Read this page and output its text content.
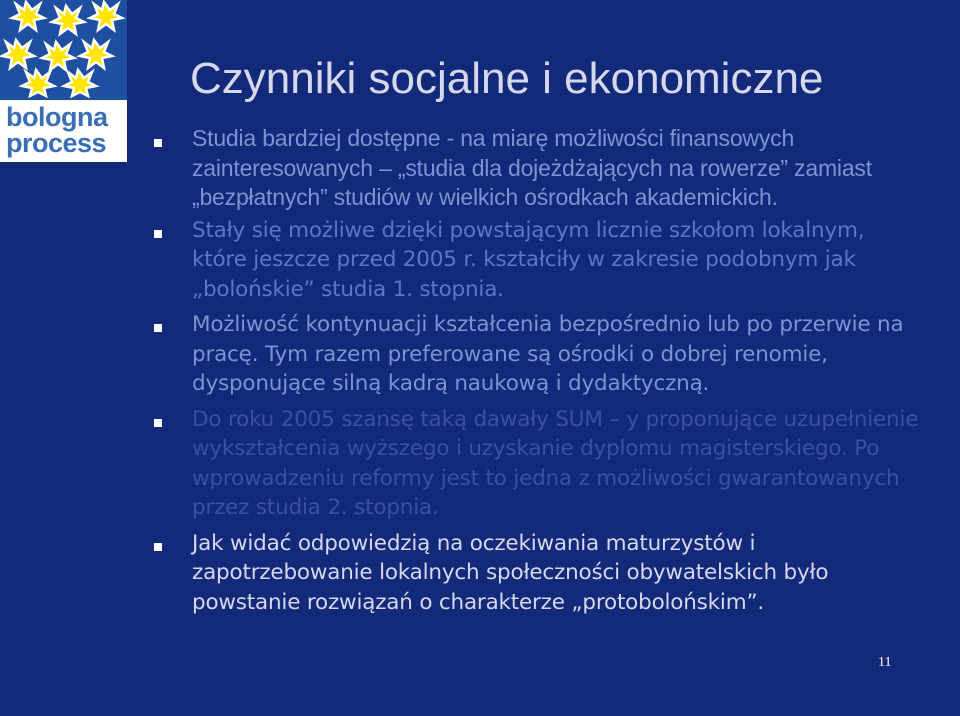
bologna
process
Czynniki socjalne i ekonomiczne
Studia bardziej dostępne - na miarę możliwości finansowych zainteresowanych – „studia dla dojeżdżających na rowerze” zamiast „bezpłatnych” studiów w wielkich ośrodkach akademickich.
Stały się możliwe dzięki powstającym licznie szkołom lokalnym, które jeszcze przed 2005 r. kształciły w zakresie podobnym jak „bolońskie” studia 1. stopnia.
Możliwość kontynuacji kształcenia bezpośrednio lub po przerwie na pracę. Tym razem preferowane są ośrodki o dobrej renomie, dysponujące silną kadrą naukową i dydaktyczną.
Do roku 2005 szansę taką dawały SUM – y proponujące uzupełnienie wykształcenia wyższego i uzyskanie dyplomu magisterskiego. Po wprowadzeniu reformy jest to jedna z możliwości gwarantowanych przez studia 2. stopnia.
Jak widać odpowiedzią na oczekiwania maturzystów i zapotrzebowanie lokalnych społeczności obywatelskich było powstanie rozwiązań o charakterze „protobolońskim”.
11
